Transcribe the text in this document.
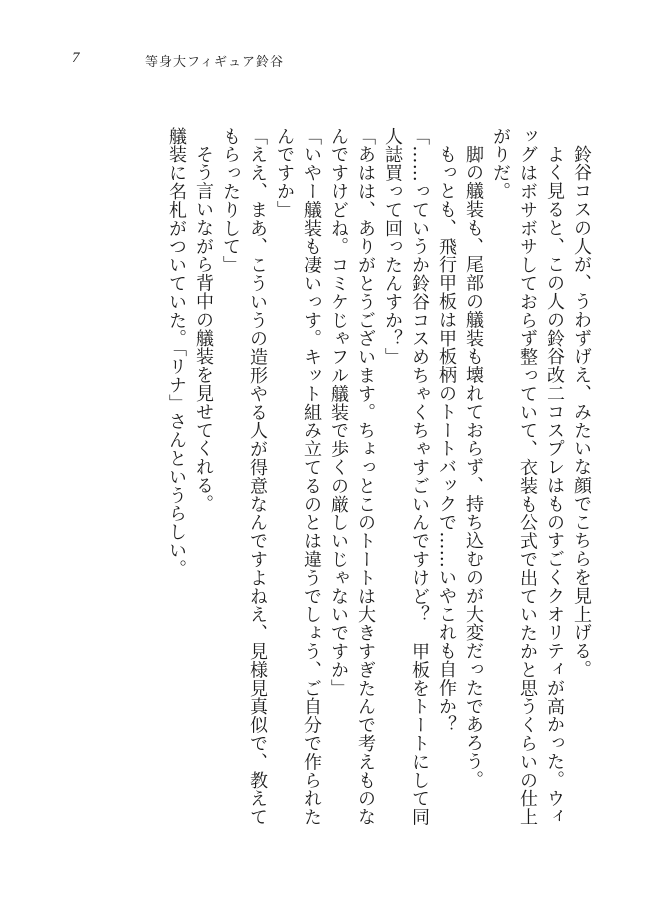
7	等身大フィギュア鈴谷

鈴谷コスの人が、うわずげえ、みたいな顔でこちらを見上げる。

よく見ると、この人の鈴谷改二コスプレはものすごくクオリティが高かった。ウィッグはボサボサしておらず整っていて、衣装も公式で出ていたかと思うくらいの仕上がりだ。

脚の艤装も、尾部の艤装も壊れておらず、持ち込むのが大変だったであろう。

もっとも、飛行甲板は甲板柄のトートバックで……いやこれも自作か？

「……っていうか鈴谷コスめちゃくちゃすごいんですけど？　甲板をトートにして同人誌買って回ったんすか？」

「あはは、ありがとうございます。ちょっとこのトートは大きすぎたんで考えものなんですけどね。コミケじゃフル艤装で歩くの厳しいじゃないですか」

「いやー艤装も凄いっす。キット組み立てるのとは違うでしょう、ご自分で作られたんですか」

「ええ、まあ、こういうの造形やる人が得意なんですよねえ、見様見真似で、教えてもらったりして」

そう言いながら背中の艤装を見せてくれる。

艤装に名札がついていた。「リナ」さんというらしい。
